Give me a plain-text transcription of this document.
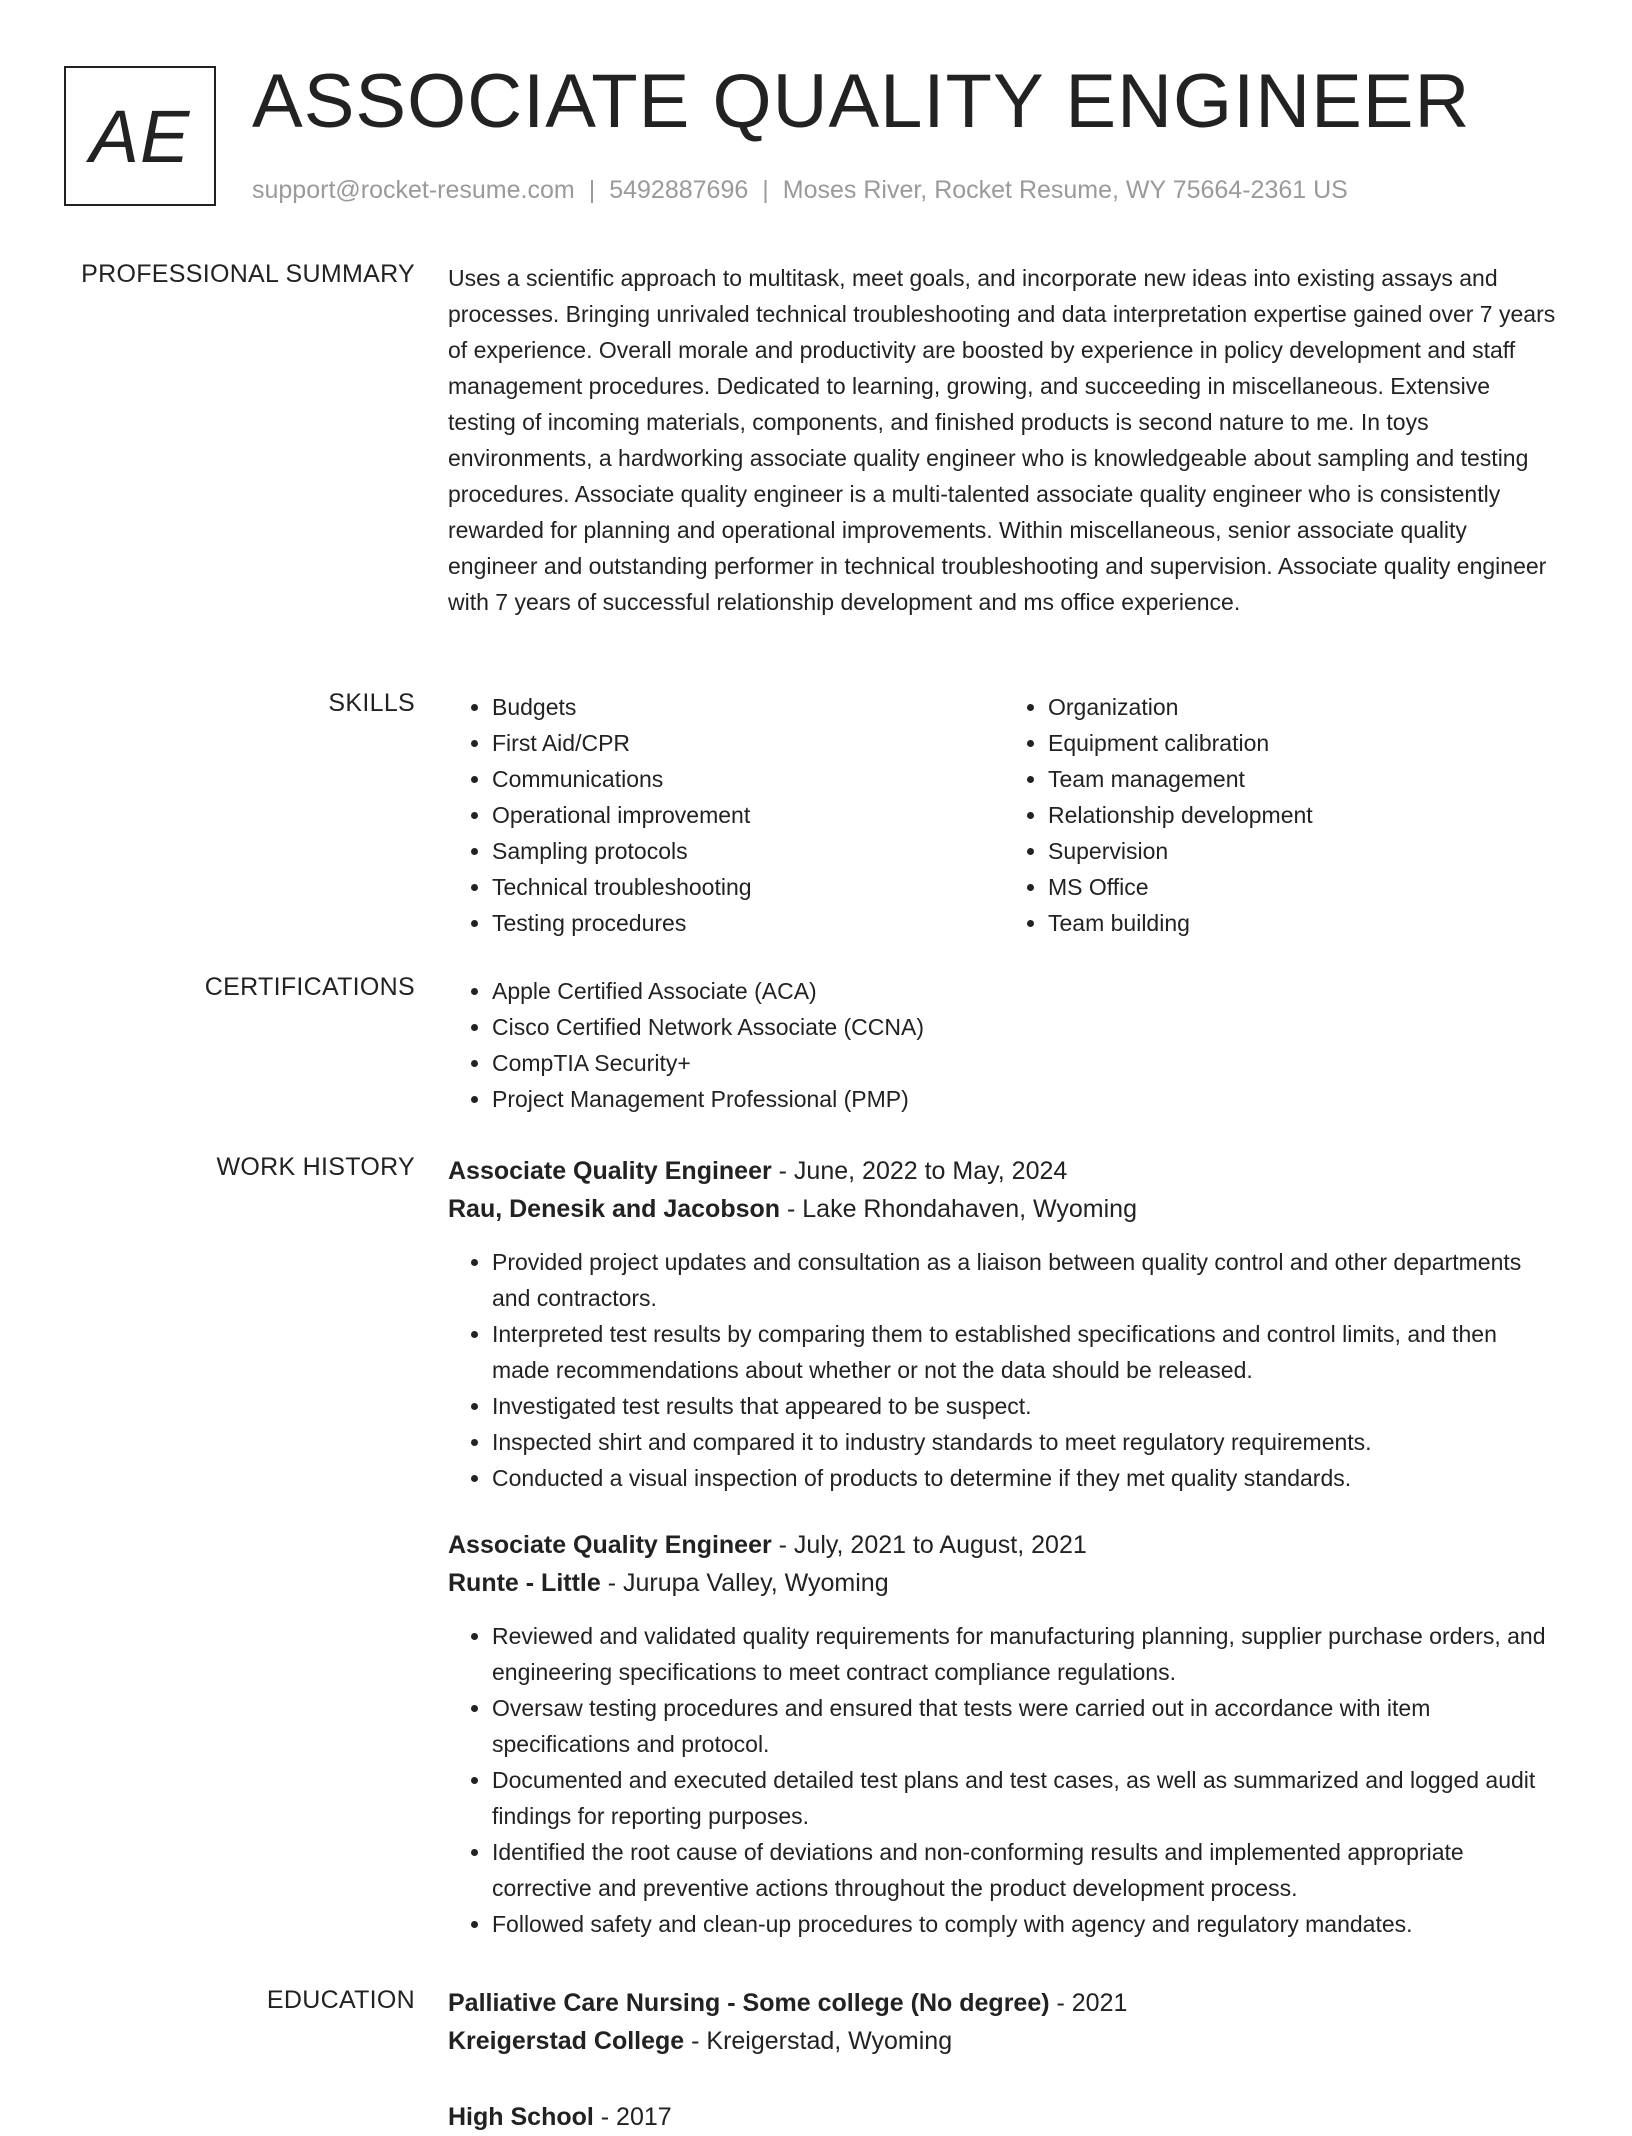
AE ASSOCIATE QUALITY ENGINEER
support@rocket-resume.com | 5492887696 | Moses River, Rocket Resume, WY 75664-2361 US
PROFESSIONAL SUMMARY Uses a scientific approach to multitask, meet goals, and incorporate new ideas into existing assays and processes. Bringing unrivaled technical troubleshooting and data interpretation expertise gained over 7 years of experience. Overall morale and productivity are boosted by experience in policy development and staff management procedures. Dedicated to learning, growing, and succeeding in miscellaneous. Extensive testing of incoming materials, components, and finished products is second nature to me. In toys environments, a hardworking associate quality engineer who is knowledgeable about sampling and testing procedures. Associate quality engineer is a multi-talented associate quality engineer who is consistently rewarded for planning and operational improvements. Within miscellaneous, senior associate quality engineer and outstanding performer in technical troubleshooting and supervision. Associate quality engineer with 7 years of successful relationship development and ms office experience.

SKILLS	• Budgets
• First Aid/CPR
• Communications
• Operational improvement
• Sampling protocols
• Technical troubleshooting
• Testing procedures
• Organization
• Equipment calibration
• Team management
• Relationship development
• Supervision
• MS Office
• Team building
CERTIFICATIONS	• Apple Certified Associate (ACA)
• Cisco Certified Network Associate (CCNA)
• CompTIA Security+
• Project Management Professional (PMP)
WORK HISTORY Associate Quality Engineer - June, 2022 to May, 2024
Rau, Denesik and Jacobson - Lake Rhondahaven, Wyoming
• Provided project updates and consultation as a liaison between quality control and other departments and contractors.
• Interpreted test results by comparing them to established specifications and control limits, and then made recommendations about whether or not the data should be released.
• Investigated test results that appeared to be suspect.
• Inspected shirt and compared it to industry standards to meet regulatory requirements.
• Conducted a visual inspection of products to determine if they met quality standards.
Associate Quality Engineer - July, 2021 to August, 2021
Runte - Little - Jurupa Valley, Wyoming
• Reviewed and validated quality requirements for manufacturing planning, supplier purchase orders, and engineering specifications to meet contract compliance regulations.
• Oversaw testing procedures and ensured that tests were carried out in accordance with item specifications and protocol.
• Documented and executed detailed test plans and test cases, as well as summarized and logged audit findings for reporting purposes.
• Identified the root cause of deviations and non-conforming results and implemented appropriate corrective and preventive actions throughout the product development process.
• Followed safety and clean-up procedures to comply with agency and regulatory mandates.
EDUCATION Palliative Care Nursing - Some college (No degree) - 2021
Kreigerstad College - Kreigerstad, Wyoming
High School - 2017
